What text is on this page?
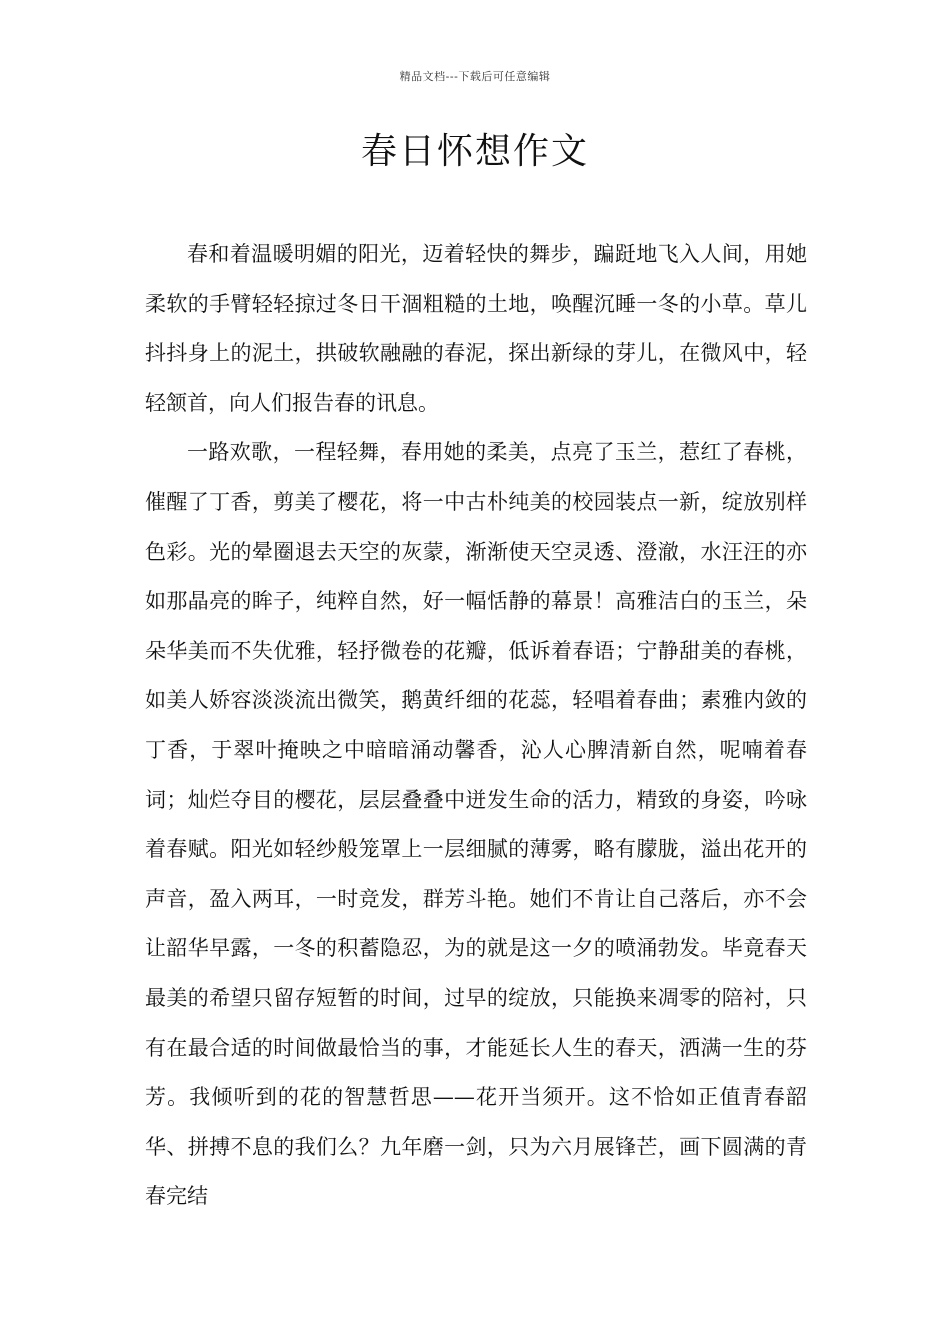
精品文档---下载后可任意编辑
春日怀想作文

春和着温暖明媚的阳光，迈着轻快的舞步，蹁跹地飞入人间，用她柔软的手臂轻轻掠过冬日干涸粗糙的土地，唤醒沉睡一冬的小草。草儿抖抖身上的泥土，拱破软融融的春泥，探出新绿的芽儿，在微风中，轻轻颔首，向人们报告春的讯息。

一路欢歌，一程轻舞，春用她的柔美，点亮了玉兰，惹红了春桃，催醒了丁香，剪美了樱花，将一中古朴纯美的校园装点一新，绽放别样色彩。光的晕圈退去天空的灰蒙，渐渐使天空灵透、澄澈，水汪汪的亦如那晶亮的眸子，纯粹自然，好一幅恬静的幕景！高雅洁白的玉兰，朵朵华美而不失优雅，轻抒微卷的花瓣，低诉着春语；宁静甜美的春桃，如美人娇容淡淡流出微笑，鹅黄纤细的花蕊，轻唱着春曲；素雅内敛的丁香，于翠叶掩映之中暗暗涌动馨香，沁人心脾清新自然，呢喃着春词；灿烂夺目的樱花，层层叠叠中迸发生命的活力，精致的身姿，吟咏着春赋。阳光如轻纱般笼罩上一层细腻的薄雾，略有朦胧，溢出花开的声音，盈入两耳，一时竞发，群芳斗艳。她们不肯让自己落后，亦不会让韶华早露，一冬的积蓄隐忍，为的就是这一夕的喷涌勃发。毕竟春天最美的希望只留存短暂的时间，过早的绽放，只能换来凋零的陪衬，只有在最合适的时间做最恰当的事，才能延长人生的春天，洒满一生的芬芳。我倾听到的花的智慧哲思——花开当须开。这不恰如正值青春韶华、拼搏不息的我们么？九年磨一剑，只为六月展锋芒，画下圆满的青春完结
